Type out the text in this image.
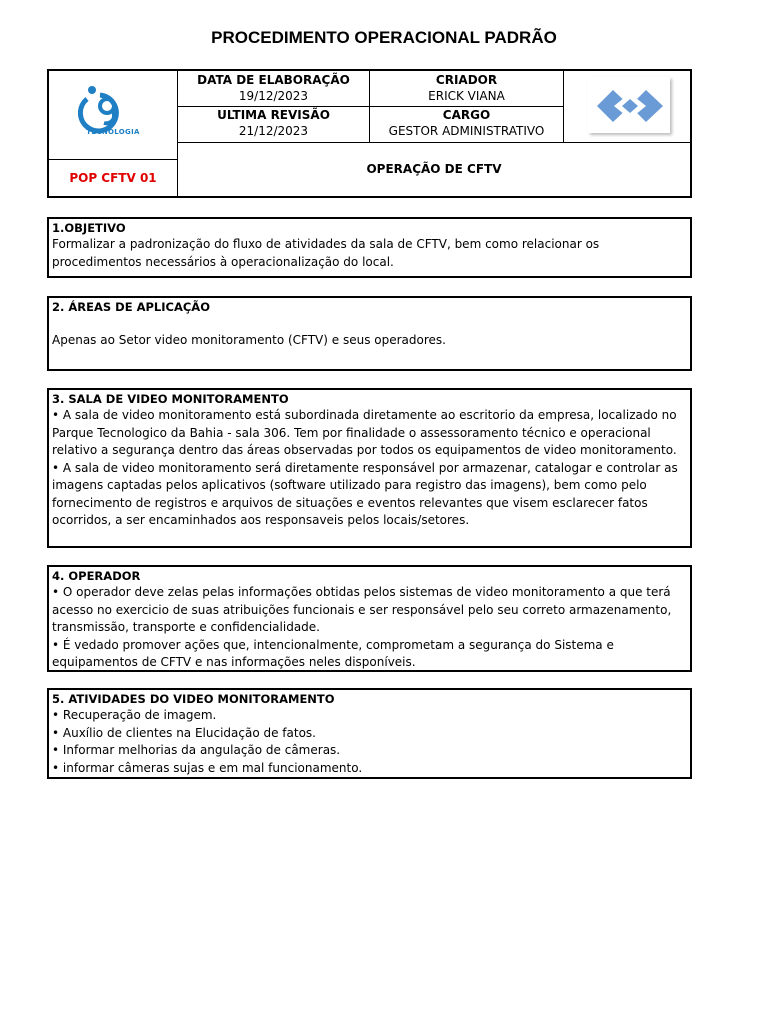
PROCEDIMENTO OPERACIONAL PADRÃO
TECNOLOGIA
DATA DE ELABORAÇÃO
19/12/2023
CRIADOR
ERICK VIANA
ULTIMA REVISÃO
21/12/2023
CARGO
GESTOR ADMINISTRATIVO
POP CFTV 01
OPERAÇÃO DE CFTV
1.OBJETIVO

Formalizar a padronização do fluxo de atividades da sala de CFTV, bem como relacionar os procedimentos necessários à operacionalização do local.

2. ÁREAS DE APLICAÇÃO

Apenas ao Setor video monitoramento (CFTV) e seus operadores.

3. SALA DE VIDEO MONITORAMENTO

• A sala de video monitoramento está subordinada diretamente ao escritorio da empresa, localizado no Parque Tecnologico da Bahia - sala 306. Tem por finalidade o assessoramento técnico e operacional relativo a segurança dentro das áreas observadas por todos os equipamentos de video monitoramento.

• A sala de video monitoramento será diretamente responsável por armazenar, catalogar e controlar as imagens captadas pelos aplicativos (software utilizado para registro das imagens), bem como pelo fornecimento de registros e arquivos de situações e eventos relevantes que visem esclarecer fatos ocorridos, a ser encaminhados aos responsaveis pelos locais/setores.

4. OPERADOR

• O operador deve zelas pelas informações obtidas pelos sistemas de video monitoramento a que terá acesso no exercicio de suas atribuições funcionais e ser responsável pelo seu correto armazenamento, transmissão, transporte e confidencialidade.

• É vedado promover ações que, intencionalmente, comprometam a segurança do Sistema e equipamentos de CFTV e nas informações neles disponíveis.

5. ATIVIDADES DO VIDEO MONITORAMENTO

• Recuperação de imagem.

• Auxílio de clientes na Elucidação de fatos.

• Informar melhorias da angulação de câmeras.

• informar câmeras sujas e em mal funcionamento.
